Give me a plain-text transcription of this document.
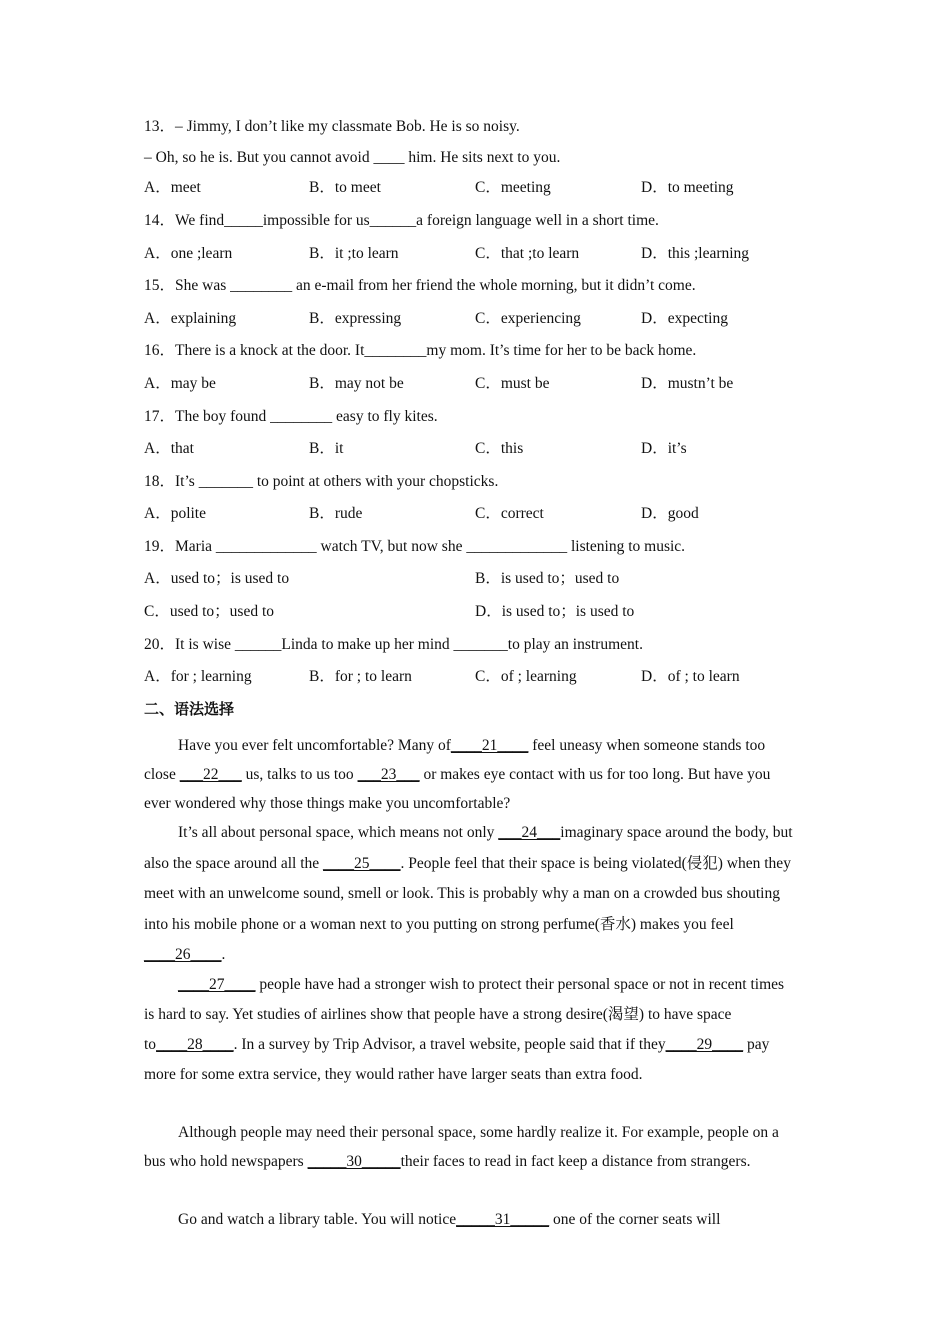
13．– Jimmy, I don’t like my classmate Bob. He is so noisy.
– Oh, so he is. But you cannot avoid ____ him. He sits next to you.
A．meet	B．to meet	C．meeting	D．to meeting
14．We find_____impossible for us______a foreign language well in a short time.
A．one ;learn	B．it ;to learn	C．that ;to learn	D．this ;learning
15．She was ________ an e-mail from her friend the whole morning, but it didn’t come.
A．explaining	B．expressing	C．experiencing	D．expecting
16．There is a knock at the door. It________my mom. It’s time for her to be back home.
A．may be	B．may not be	C．must be	D．mustn’t be
17．The boy found ________ easy to fly kites.
A．that	B．it	C．this	D．it’s
18．It’s _______ to point at others with your chopsticks.
A．polite	B．rude	C．correct	D．good
19．Maria _____________ watch TV, but now she _____________ listening to music.
A．used to；is used to	B．is used to；used to
C．used to；used to	D．is used to；is used to
20．It is wise ______Linda to make up her mind _______to play an instrument.
A．for ; learning	B．for ; to learn	C．of ; learning	D．of ; to learn
二、语法选择
Have you ever felt uncomfortable? Many of____21____ feel uneasy when someone stands too close ___22___ us, talks to us too ___23___ or makes eye contact with us for too long. But have you ever wondered why those things make you uncomfortable?
It’s all about personal space, which means not only ___24___imaginary space around the body, but also the space around all the ____25____. People feel that their space is being violated(侵犯) when they meet with an unwelcome sound, smell or look. This is probably why a man on a crowded bus shouting into his mobile phone or a woman next to you putting on strong perfume(香水) makes you feel ____26____.
____27____ people have had a stronger wish to protect their personal space or not in recent times is hard to say. Yet studies of airlines show that people have a strong desire(渴望) to have space to____28____. In a survey by Trip Advisor, a travel website, people said that if they____29____ pay more for some extra service, they would rather have larger seats than extra food.
Although people may need their personal space, some hardly realize it. For example, people on a bus who hold newspapers _____30_____their faces to read in fact keep a distance from strangers.
Go and watch a library table. You will notice_____31_____ one of the corner seats will
